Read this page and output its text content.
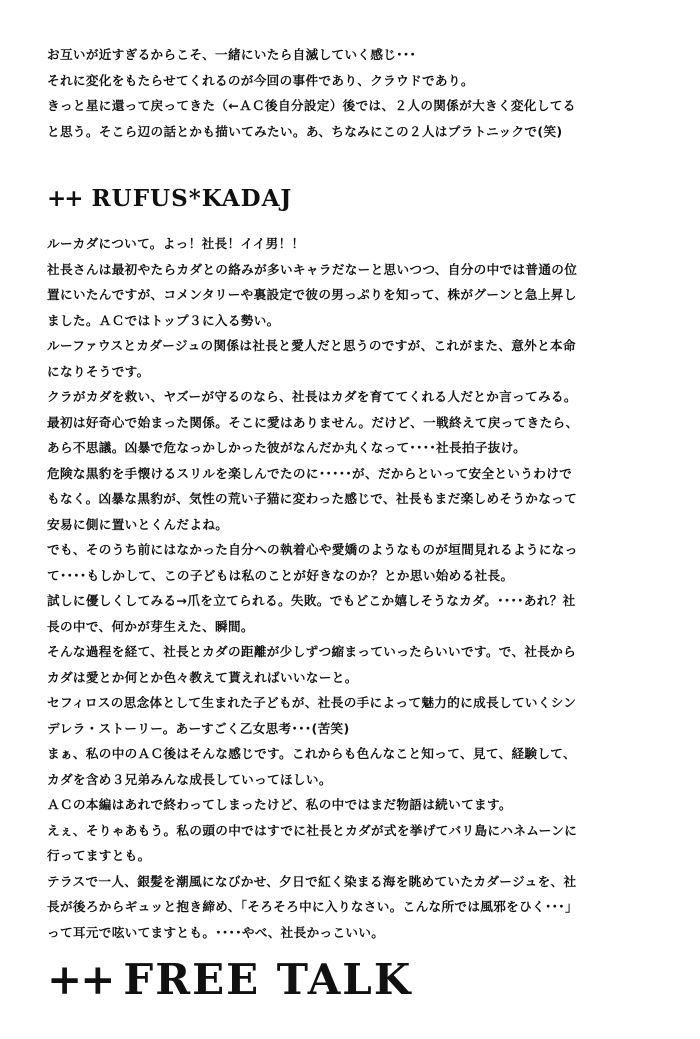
お互いが近すぎるからこそ、一緒にいたら自滅していく感じ･･･
それに変化をもたらせてくれるのが今回の事件であり、クラウドであり。
きっと星に還って戻ってきた（←ＡＣ後自分設定）後では、２人の関係が大きく変化してる
と思う。そこら辺の話とかも描いてみたい。あ、ちなみにこの２人はプラトニックで(笑)
++ RUFUS*KADAJ
ルーカダについて。よっ！社長！イイ男！！
社長さんは最初やたらカダとの絡みが多いキャラだなーと思いつつ、自分の中では普通の位
置にいたんですが、コメンタリーや裏設定で彼の男っぷりを知って、株がグーンと急上昇し
ました。ＡＣではトップ３に入る勢い。
ルーファウスとカダージュの関係は社長と愛人だと思うのですが、これがまた、意外と本命
になりそうです。
クラがカダを救い、ヤズーが守るのなら、社長はカダを育ててくれる人だとか言ってみる。
最初は好奇心で始まった関係。そこに愛はありません。だけど、一戦終えて戻ってきたら、
あら不思議。凶暴で危なっかしかった彼がなんだか丸くなって････社長拍子抜け。
危険な黒豹を手懐けるスリルを楽しんでたのに･････が、だからといって安全というわけで
もなく。凶暴な黒豹が、気性の荒い子猫に変わった感じで、社長もまだ楽しめそうかなって
安易に側に置いとくんだよね。
でも、そのうち前にはなかった自分への執着心や愛嬌のようなものが垣間見れるようになっ
て････もしかして、この子どもは私のことが好きなのか？とか思い始める社長。
試しに優しくしてみる→爪を立てられる。失敗。でもどこか嬉しそうなカダ。････あれ？社
長の中で、何かが芽生えた、瞬間。
そんな過程を経て、社長とカダの距離が少しずつ縮まっていったらいいです。で、社長から
カダは愛とか何とか色々教えて貰えればいいなーと。
セフィロスの思念体として生まれた子どもが、社長の手によって魅力的に成長していくシン
デレラ・ストーリー。あーすごく乙女思考･･･(苦笑)
まぁ、私の中のＡＣ後はそんな感じです。これからも色んなこと知って、見て、経験して、
カダを含め３兄弟みんな成長していってほしい。
ＡＣの本編はあれで終わってしまったけど、私の中ではまだ物語は続いてます。
えぇ、そりゃあもう。私の頭の中ではすでに社長とカダが式を挙げてバリ島にハネムーンに
行ってますとも。
テラスで一人、銀髪を潮風になびかせ、夕日で紅く染まる海を眺めていたカダージュを、社
長が後ろからギュッと抱き締め、「そろそろ中に入りなさい。こんな所では風邪をひく･･･」
って耳元で呟いてますとも。････やべ、社長かっこいい。
++ FREE TALK
